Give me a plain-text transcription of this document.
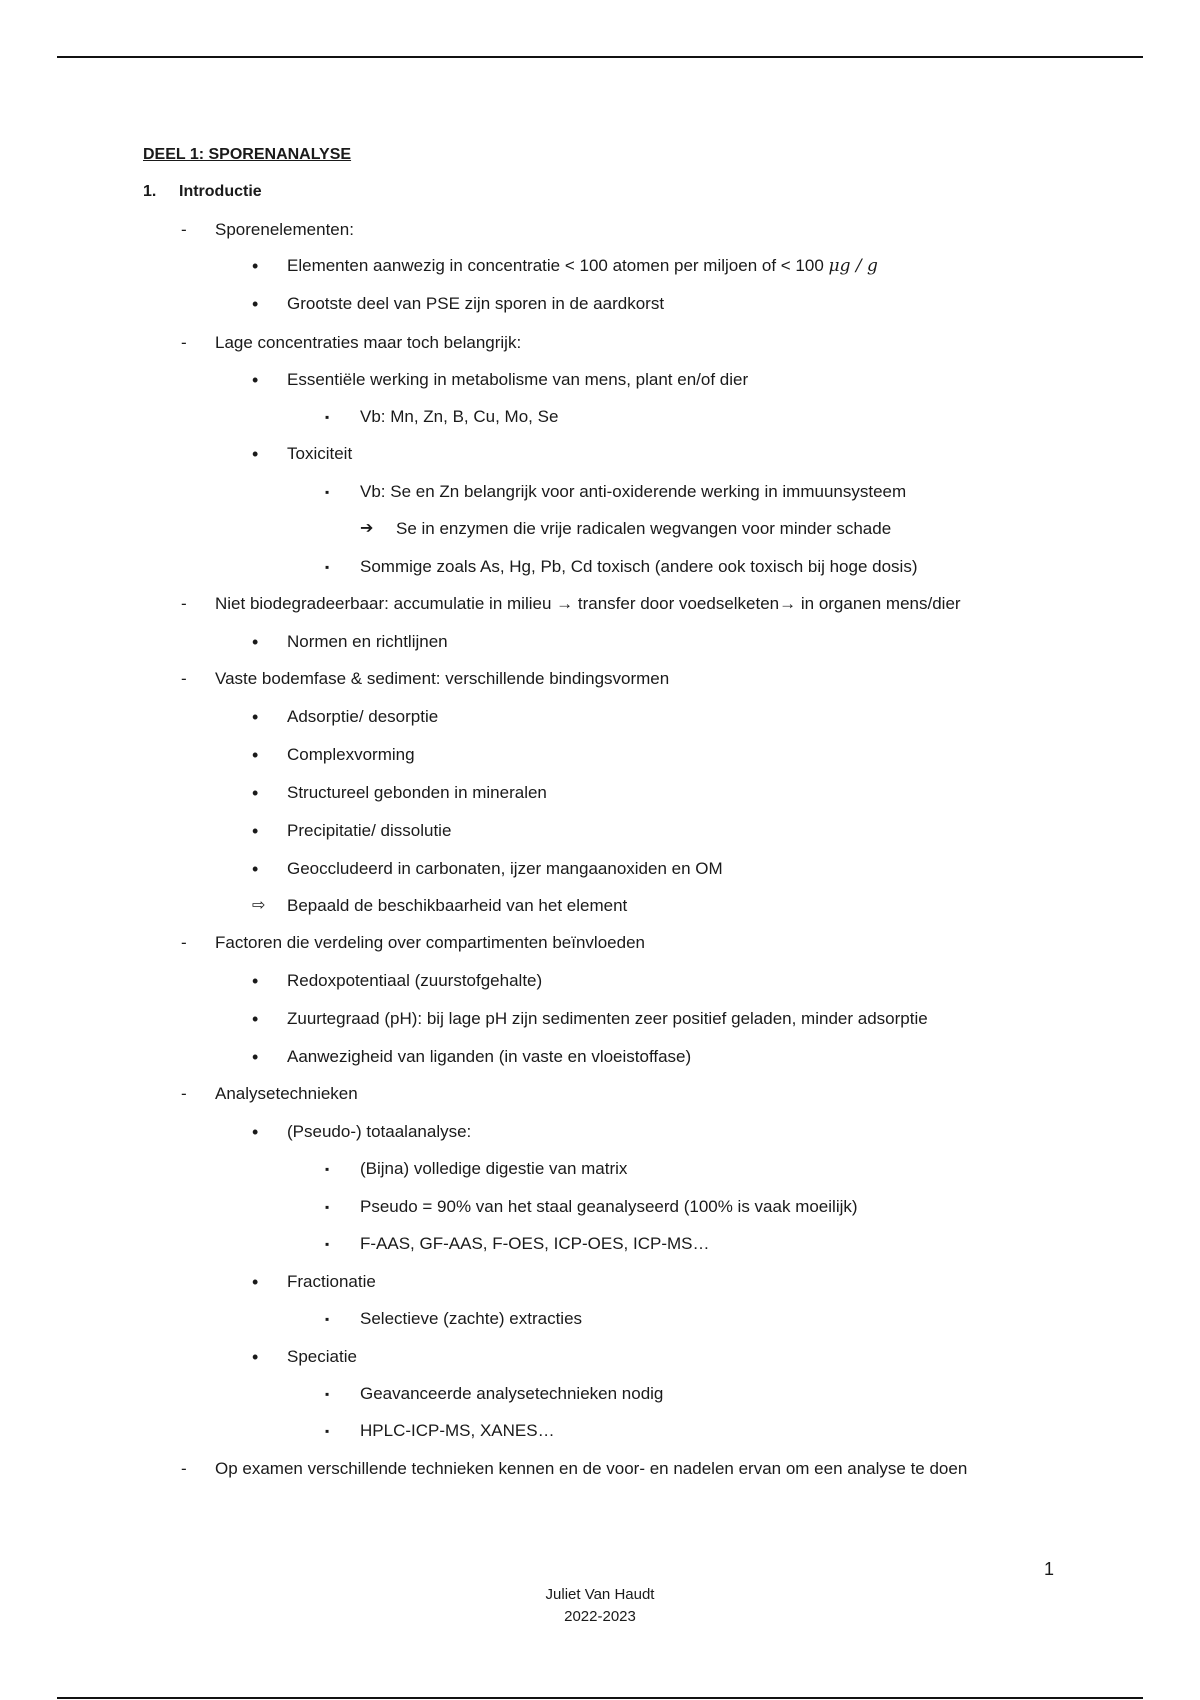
DEEL 1: SPORENANALYSE
1. Introductie
- Sporenelementen:
• Elementen aanwezig in concentratie < 100 atomen per miljoen of < 100 μg / g
• Grootste deel van PSE zijn sporen in de aardkorst
- Lage concentraties maar toch belangrijk:
• Essentiële werking in metabolisme van mens, plant en/of dier
▪ Vb: Mn, Zn, B, Cu, Mo, Se
• Toxiciteit
▪ Vb: Se en Zn belangrijk voor anti-oxiderende werking in immuunsysteem
➔ Se in enzymen die vrije radicalen wegvangen voor minder schade
▪ Sommige zoals As, Hg, Pb, Cd toxisch (andere ook toxisch bij hoge dosis)
- Niet biodegradeerbaar: accumulatie in milieu → transfer door voedselketen→ in organen mens/dier
• Normen en richtlijnen
- Vaste bodemfase & sediment: verschillende bindingsvormen
• Adsorptie/ desorptie
• Complexvorming
• Structureel gebonden in mineralen
• Precipitatie/ dissolutie
• Geoccludeerd in carbonaten, ijzer mangaanoxiden en OM
⇨ Bepaald de beschikbaarheid van het element
- Factoren die verdeling over compartimenten beïnvloeden
• Redoxpotentiaal (zuurstofgehalte)
• Zuurtegraad (pH): bij lage pH zijn sedimenten zeer positief geladen, minder adsorptie
• Aanwezigheid van liganden (in vaste en vloeistoffase)
- Analysetechnieken
• (Pseudo-) totaalanalyse:
▪ (Bijna) volledige digestie van matrix
▪ Pseudo = 90% van het staal geanalyseerd (100% is vaak moeilijk)
▪ F-AAS, GF-AAS, F-OES, ICP-OES, ICP-MS…
• Fractionatie
▪ Selectieve (zachte) extracties
• Speciatie
▪ Geavanceerde analysetechnieken nodig
▪ HPLC-ICP-MS, XANES…
- Op examen verschillende technieken kennen en de voor- en nadelen ervan om een analyse te doen
1
Juliet Van Haudt
2022-2023
